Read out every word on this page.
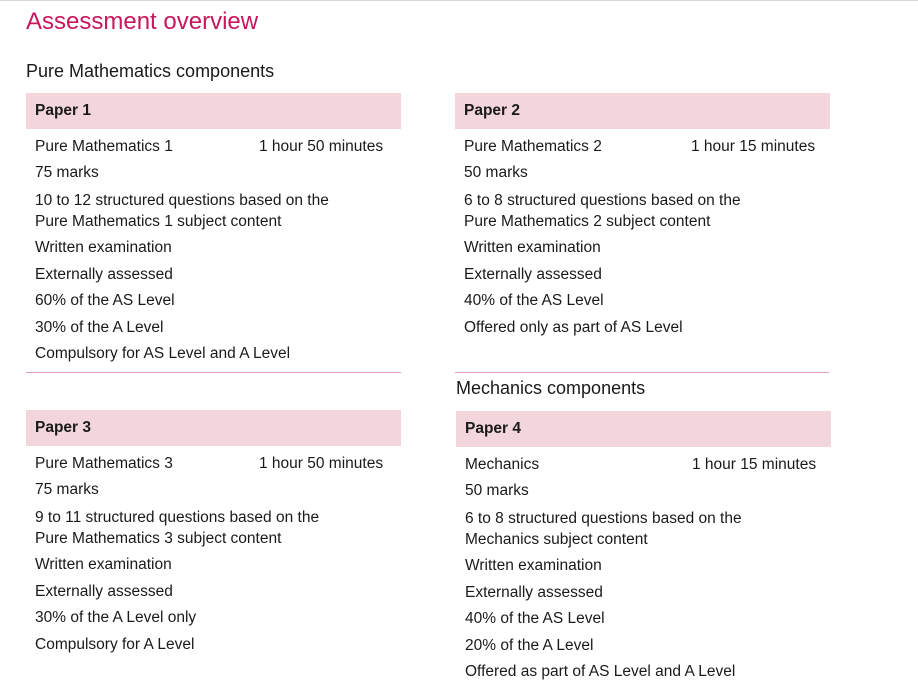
Assessment overview
Pure Mathematics components
Paper 1
Pure Mathematics 1	1 hour 50 minutes
75 marks
10 to 12 structured questions based on the Pure Mathematics 1 subject content
Written examination
Externally assessed
60% of the AS Level
30% of the A Level
Compulsory for AS Level and A Level
Paper 2
Pure Mathematics 2	1 hour 15 minutes
50 marks
6 to 8 structured questions based on the Pure Mathematics 2 subject content
Written examination
Externally assessed
40% of the AS Level
Offered only as part of AS Level
Mechanics components
Paper 3
Pure Mathematics 3	1 hour 50 minutes
75 marks
9 to 11 structured questions based on the Pure Mathematics 3 subject content
Written examination
Externally assessed
30% of the A Level only
Compulsory for A Level
Paper 4
Mechanics	1 hour 15 minutes
50 marks
6 to 8 structured questions based on the Mechanics subject content
Written examination
Externally assessed
40% of the AS Level
20% of the A Level
Offered as part of AS Level and A Level
